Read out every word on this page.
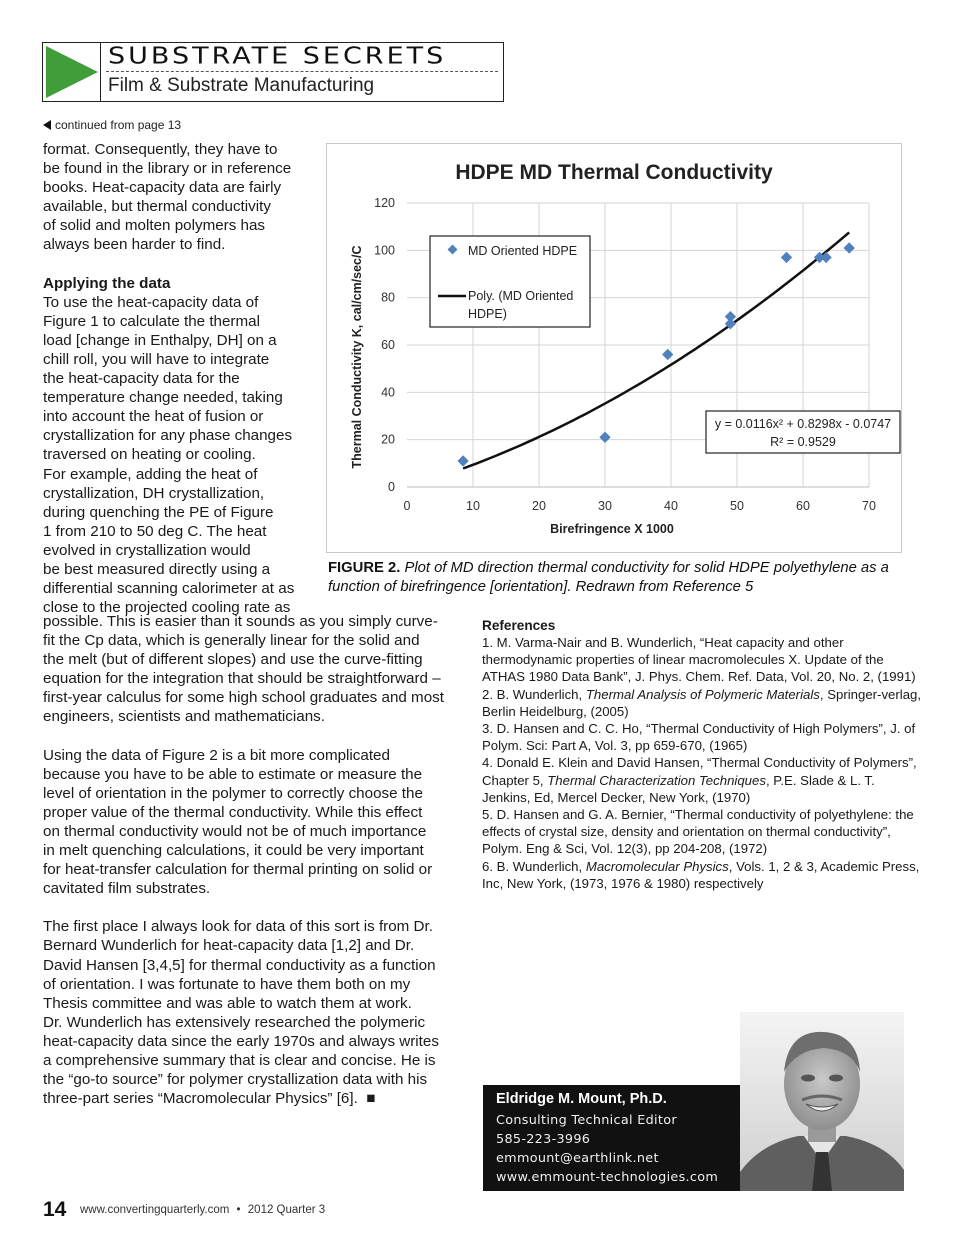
SUBSTRATE SECRETS
Film & Substrate Manufacturing
continued from page 13

format. Consequently, they have to
be found in the library or in reference
books. Heat-capacity data are fairly
available, but thermal conductivity
of solid and molten polymers has
always been harder to find.

Applying the data

To use the heat-capacity data of
Figure 1 to calculate the thermal
load [change in Enthalpy, DH] on a
chill roll, you will have to integrate
the heat-capacity data for the
temperature change needed, taking
into account the heat of fusion or
crystallization for any phase changes
traversed on heating or cooling.
For example, adding the heat of
crystallization, DH crystallization,
during quenching the PE of Figure
1 from 210 to 50 deg C. The heat
evolved in crystallization would
be best measured directly using a
differential scanning calorimeter at as
close to the projected cooling rate as

possible. This is easier than it sounds as you simply curve-
fit the Cp data, which is generally linear for the solid and
the melt (but of different slopes) and use the curve-fitting
equation for the integration that should be straightforward –
first-year calculus for some high school graduates and most
engineers, scientists and mathematicians.

Using the data of Figure 2 is a bit more complicated
because you have to be able to estimate or measure the
level of orientation in the polymer to correctly choose the
proper value of the thermal conductivity. While this effect
on thermal conductivity would not be of much importance
in melt quenching calculations, it could be very important
for heat-transfer calculation for thermal printing on solid or
cavitated film substrates.

The first place I always look for data of this sort is from Dr.
Bernard Wunderlich for heat-capacity data [1,2] and Dr.
David Hansen [3,4,5] for thermal conductivity as a function
of orientation. I was fortunate to have them both on my
Thesis committee and was able to watch them at work.
Dr. Wunderlich has extensively researched the polymeric
heat-capacity data since the early 1970s and always writes
a comprehensive summary that is clear and concise. He is
the “go-to source” for polymer crystallization data with his
three-part series “Macromolecular Physics” [6]. ■

HDPE MD Thermal Conductivity
0
20
40
60
80
100
120
0	10	20	30	40	50	60	70
Birefringence X 1000
Thermal Conductivity K, cal/cm/sec/C	MD Oriented HDPE
Poly. (MD Oriented
HDPE)
y = 0.0116x² + 0.8298x - 0.0747
R² = 0.9529
FIGURE 2. Plot of MD direction thermal conductivity for solid HDPE polyethylene as a function of birefringence [orientation]. Redrawn from Reference 5
References

1. M. Varma-Nair and B. Wunderlich, “Heat capacity and other thermodynamic properties of linear macromolecules X. Update of the ATHAS 1980 Data Bank”, J. Phys. Chem. Ref. Data, Vol. 20, No. 2, (1991)

2. B. Wunderlich, Thermal Analysis of Polymeric Materials, Springer-verlag, Berlin Heidelburg, (2005)

3. D. Hansen and C. C. Ho, “Thermal Conductivity of High Polymers”, J. of Polym. Sci: Part A, Vol. 3, pp 659-670, (1965)

4. Donald E. Klein and David Hansen, “Thermal Conductivity of Polymers”, Chapter 5, Thermal Characterization Techniques, P.E. Slade & L. T. Jenkins, Ed, Mercel Decker, New York, (1970)

5. D. Hansen and G. A. Bernier, “Thermal conductivity of polyethylene: the effects of crystal size, density and orientation on thermal conductivity”, Polym. Eng & Sci, Vol. 12(3), pp 204-208, (1972)

6. B. Wunderlich, Macromolecular Physics, Vols. 1, 2 & 3, Academic Press, Inc, New York, (1973, 1976 & 1980) respectively

Eldridge M. Mount, Ph.D.
Consulting Technical Editor
585-223-3996
emmount@earthlink.net
www.emmount-technologies.com
14 www.convertingquarterly.com • 2012 Quarter 3
